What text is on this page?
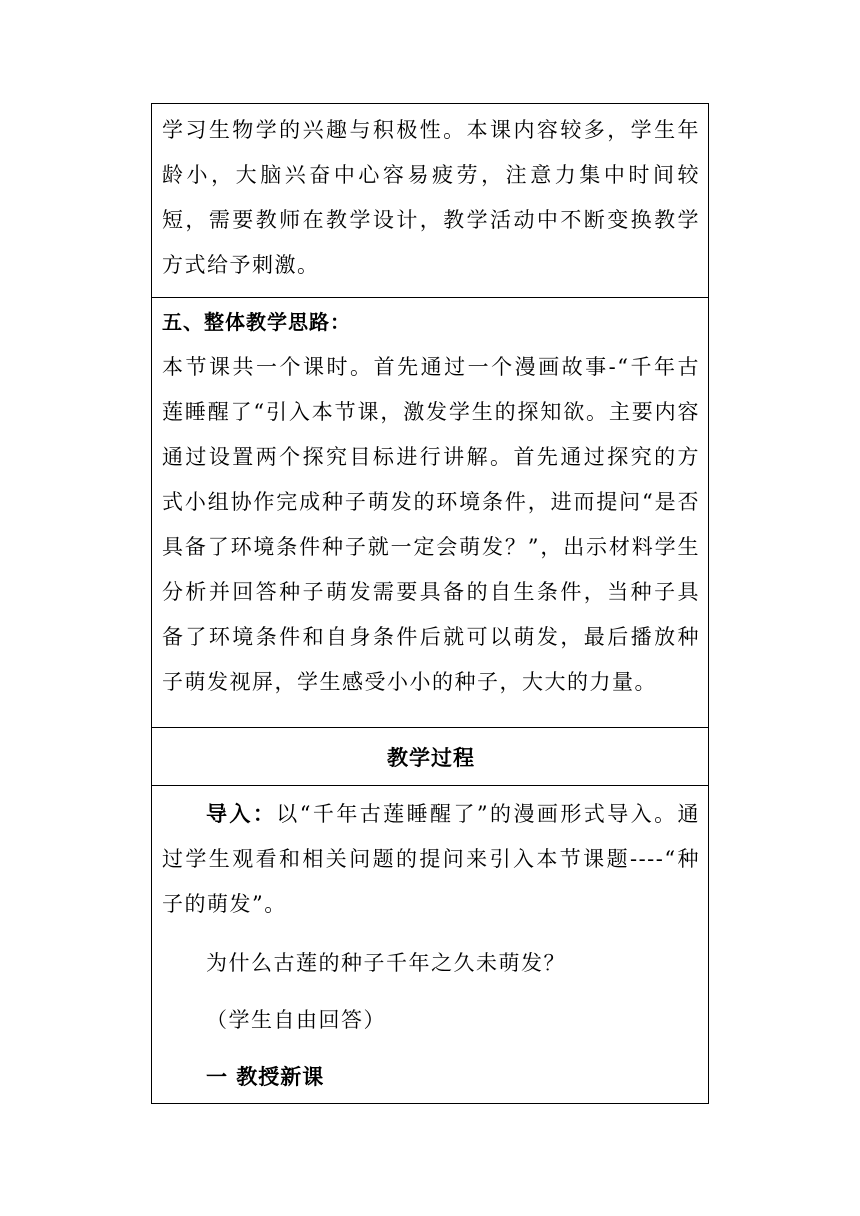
学习生物学的兴趣与积极性。本课内容较多，学生年龄小，大脑兴奋中心容易疲劳，注意力集中时间较短，需要教师在教学设计，教学活动中不断变换教学方式给予刺激。

五、整体教学思路：

本节课共一个课时。首先通过一个漫画故事-“千年古莲睡醒了“引入本节课，激发学生的探知欲。主要内容通过设置两个探究目标进行讲解。首先通过探究的方式小组协作完成种子萌发的环境条件，进而提问“是否具备了环境条件种子就一定会萌发？”，出示材料学生分析并回答种子萌发需要具备的自生条件，当种子具备了环境条件和自身条件后就可以萌发，最后播放种子萌发视屏，学生感受小小的种子，大大的力量。

教学过程

导入：以“千年古莲睡醒了”的漫画形式导入。通过学生观看和相关问题的提问来引入本节课题----“种子的萌发”。

为什么古莲的种子千年之久未萌发？

（学生自由回答）

一 教授新课
